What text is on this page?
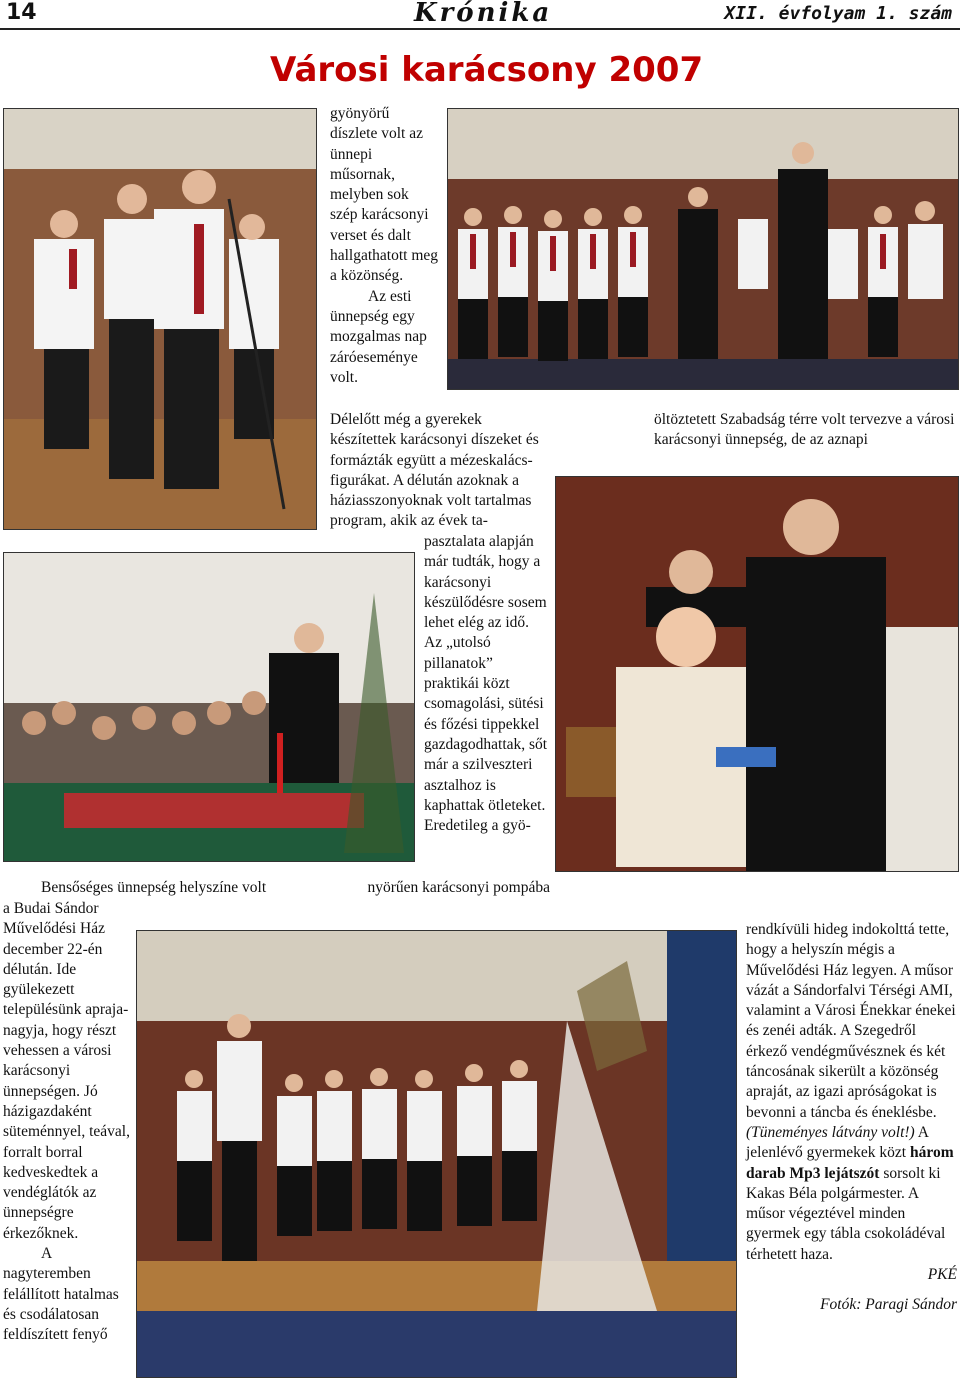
14	Krónika	XII. évfolyam 1. szám
Városi karácsony 2007

gyönyörű díszlete volt az ünnepi műsornak, melyben sok szép karácsonyi verset és dalt hallgathatott meg a közönség.

Az esti ünnepség egy mozgalmas nap záróeseménye volt.

Délelőtt még a gyerekek készítettek karácsonyi díszeket és formázták együtt a mézeskalács-figurákat. A délután azoknak a háziasszonyoknak volt tartalmas program, akik az évek ta-

pasztalata alapján már tudták, hogy a karácsonyi készülődésre sosem lehet elég az idő. Az „utolsó pillanatok” praktikái közt csomagolási, sütési és főzési tippekkel gazdagodhattak, sőt már a szilveszteri asztalhoz is kaphattak ötleteket. Eredetileg a gyö-

nyörűen karácsonyi pompába

öltöztetett Szabadság térre volt tervezve a városi karácsonyi ünnepség, de az aznapi

Bensőséges ünnepség helyszíne volt

a Budai Sándor Művelődési Ház december 22-én délután. Ide gyülekezett településünk apraja-nagyja, hogy részt vehessen a városi karácsonyi ünnepségen. Jó házigazdaként süteménnyel, teával, forralt borral kedveskedtek a vendéglátók az ünnepségre érkezőknek.

A nagyteremben felállított hatalmas és csodálatosan feldíszített fenyő

rendkívüli hideg indokolttá tette, hogy a helyszín mégis a Művelődési Ház legyen. A műsor vázát a Sándorfalvi Térségi AMI, valamint a Városi Énekkar énekei és zenéi adták. A Szegedről érkező vendégművésznek és két táncosának sikerült a közönség apraját, az igazi apróságokat is bevonni a táncba és éneklésbe. (Tüneményes látvány volt!) A jelenlévő gyermekek közt három darab Mp3 lejátszót sorsolt ki Kakas Béla polgármester. A műsor végeztével minden gyermek egy tábla csokoládéval térhetett haza.

PKÉ

Fotók: Paragi Sándor
